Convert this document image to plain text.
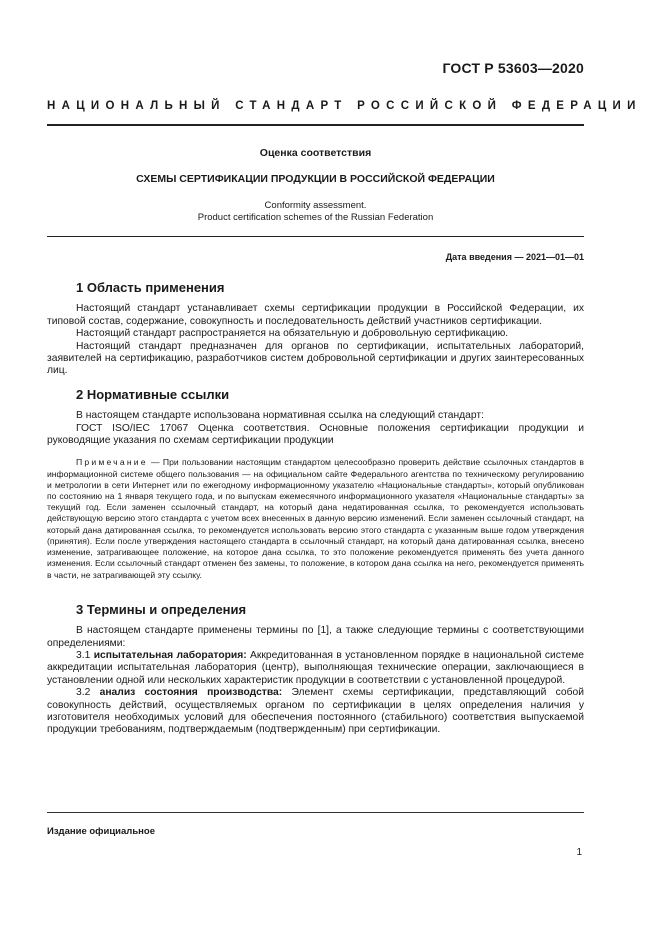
ГОСТ Р 53603—2020
НАЦИОНАЛЬНЫЙ СТАНДАРТ РОССИЙСКОЙ ФЕДЕРАЦИИ
Оценка соответствия
СХЕМЫ СЕРТИФИКАЦИИ ПРОДУКЦИИ В РОССИЙСКОЙ ФЕДЕРАЦИИ
Conformity assessment.
Product certification schemes of the Russian Federation
Дата введения — 2021—01—01
1 Область применения

Настоящий стандарт устанавливает схемы сертификации продукции в Российской Федерации, их типовой состав, содержание, совокупность и последовательность действий участников сертификации.

Настоящий стандарт распространяется на обязательную и добровольную сертификацию.

Настоящий стандарт предназначен для органов по сертификации, испытательных лабораторий, заявителей на сертификацию, разработчиков систем добровольной сертификации и других заинтересованных лиц.

2 Нормативные ссылки

В настоящем стандарте использована нормативная ссылка на следующий стандарт:

ГОСТ ISO/IEC 17067 Оценка соответствия. Основные положения сертификации продукции и руководящие указания по схемам сертификации продукции

Примечание — При пользовании настоящим стандартом целесообразно проверить действие ссылочных стандартов в информационной системе общего пользования — на официальном сайте Федерального агентства по техническому регулированию и метрологии в сети Интернет или по ежегодному информационному указателю «Национальные стандарты», который опубликован по состоянию на 1 января текущего года, и по выпускам ежемесячного информационного указателя «Национальные стандарты» за текущий год. Если заменен ссылочный стандарт, на который дана недатированная ссылка, то рекомендуется использовать действующую версию этого стандарта с учетом всех внесенных в данную версию изменений. Если заменен ссылочный стандарт, на который дана датированная ссылка, то рекомендуется использовать версию этого стандарта с указанным выше годом утверждения (принятия). Если после утверждения настоящего стандарта в ссылочный стандарт, на который дана датированная ссылка, внесено изменение, затрагивающее положение, на которое дана ссылка, то это положение рекомендуется применять без учета данного изменения. Если ссылочный стандарт отменен без замены, то положение, в котором дана ссылка на него, рекомендуется применять в части, не затрагивающей эту ссылку.

3 Термины и определения

В настоящем стандарте применены термины по [1], а также следующие термины с соответствующими определениями:

3.1 испытательная лаборатория: Аккредитованная в установленном порядке в национальной системе аккредитации испытательная лаборатория (центр), выполняющая технические операции, заключающиеся в установлении одной или нескольких характеристик продукции в соответствии с установленной процедурой.

3.2 анализ состояния производства: Элемент схемы сертификации, представляющий собой совокупность действий, осуществляемых органом по сертификации в целях определения наличия у изготовителя необходимых условий для обеспечения постоянного (стабильного) соответствия выпускаемой продукции требованиям, подтверждаемым (подтвержденным) при сертификации.

Издание официальное
1
